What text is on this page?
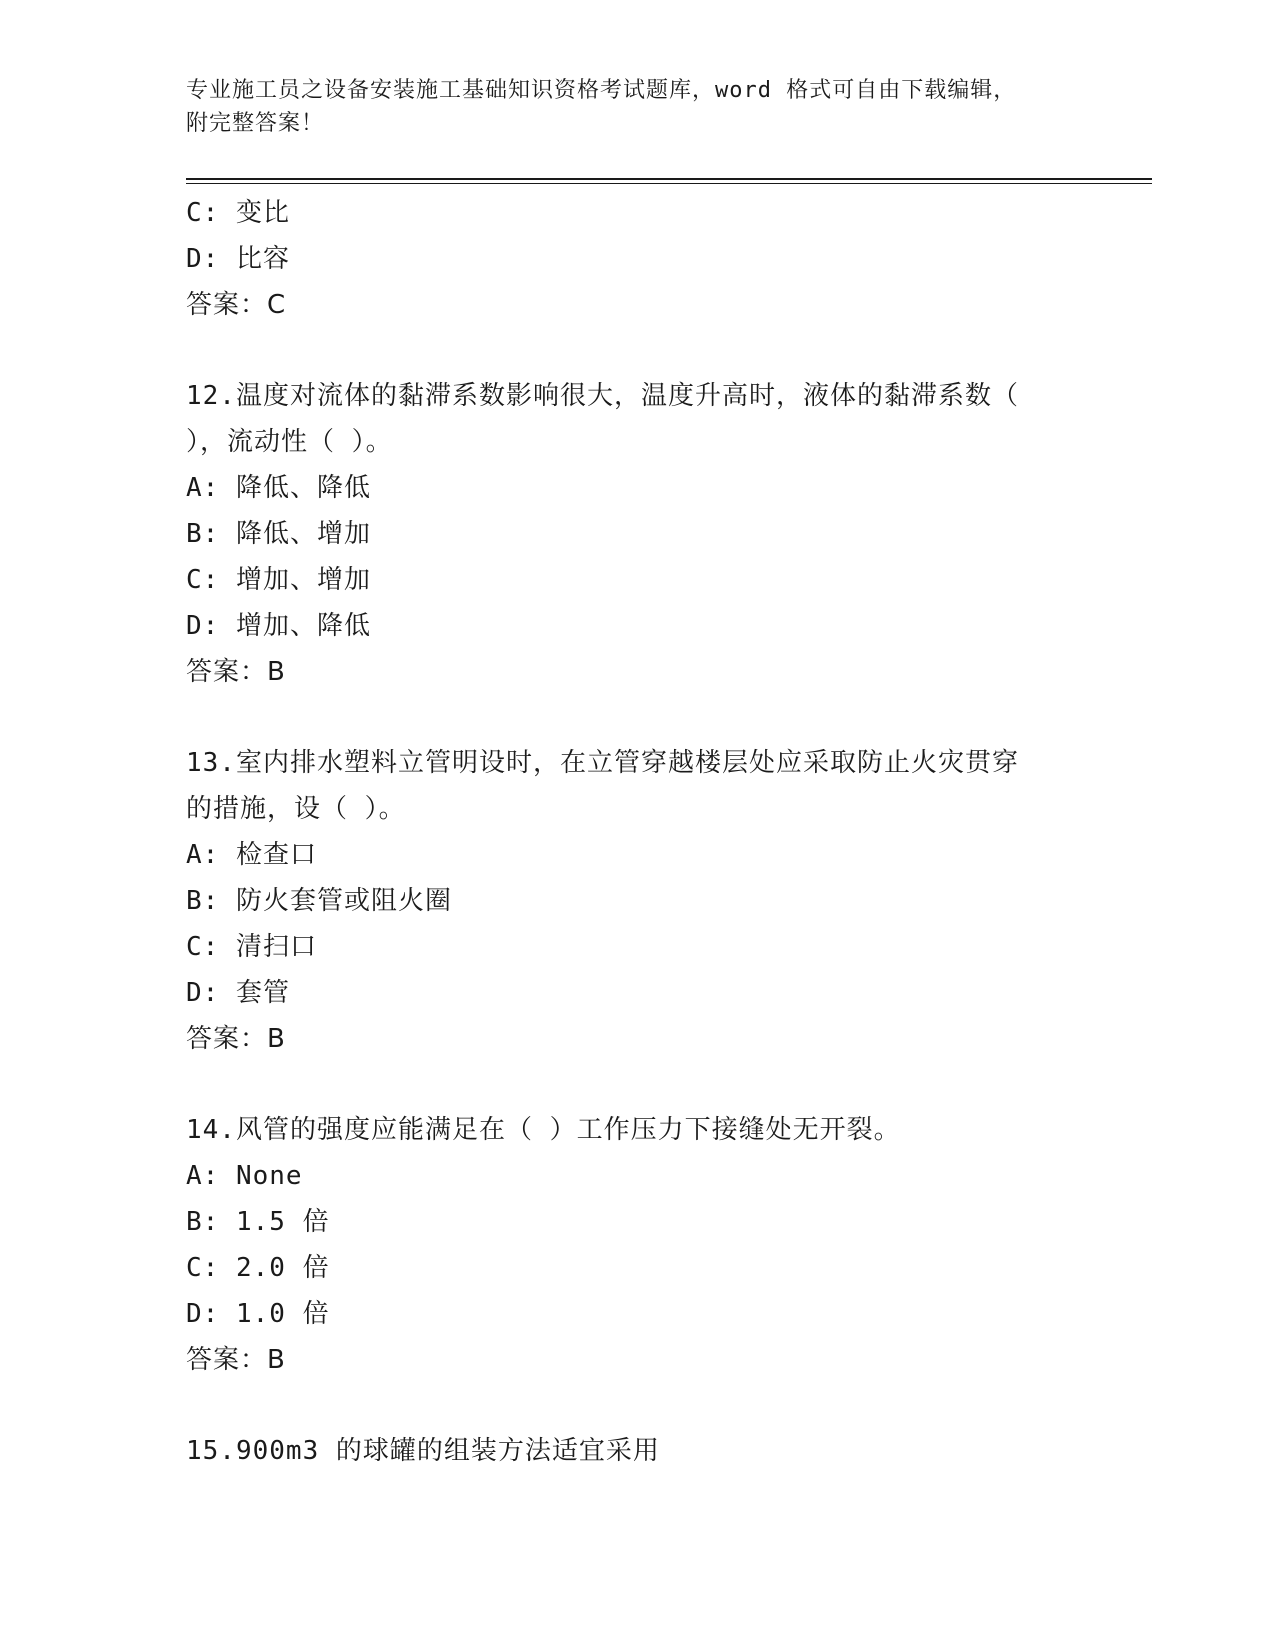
专业施工员之设备安装施工基础知识资格考试题库，word 格式可自由下载编辑，
附完整答案！
C: 变比
D: 比容
答案：C
12.温度对流体的黏滞系数影响很大，温度升高时，液体的黏滞系数（
），流动性（ ）。
A: 降低、降低
B: 降低、增加
C: 增加、增加
D: 增加、降低
答案：B
13.室内排水塑料立管明设时，在立管穿越楼层处应采取防止火灾贯穿
的措施，设（ ）。
A: 检查口
B: 防火套管或阻火圈
C: 清扫口
D: 套管
答案：B
14.风管的强度应能满足在（ ）工作压力下接缝处无开裂。
A: None
B: 1.5 倍
C: 2.0 倍
D: 1.0 倍
答案：B
15.900m3 的球罐的组装方法适宜采用
